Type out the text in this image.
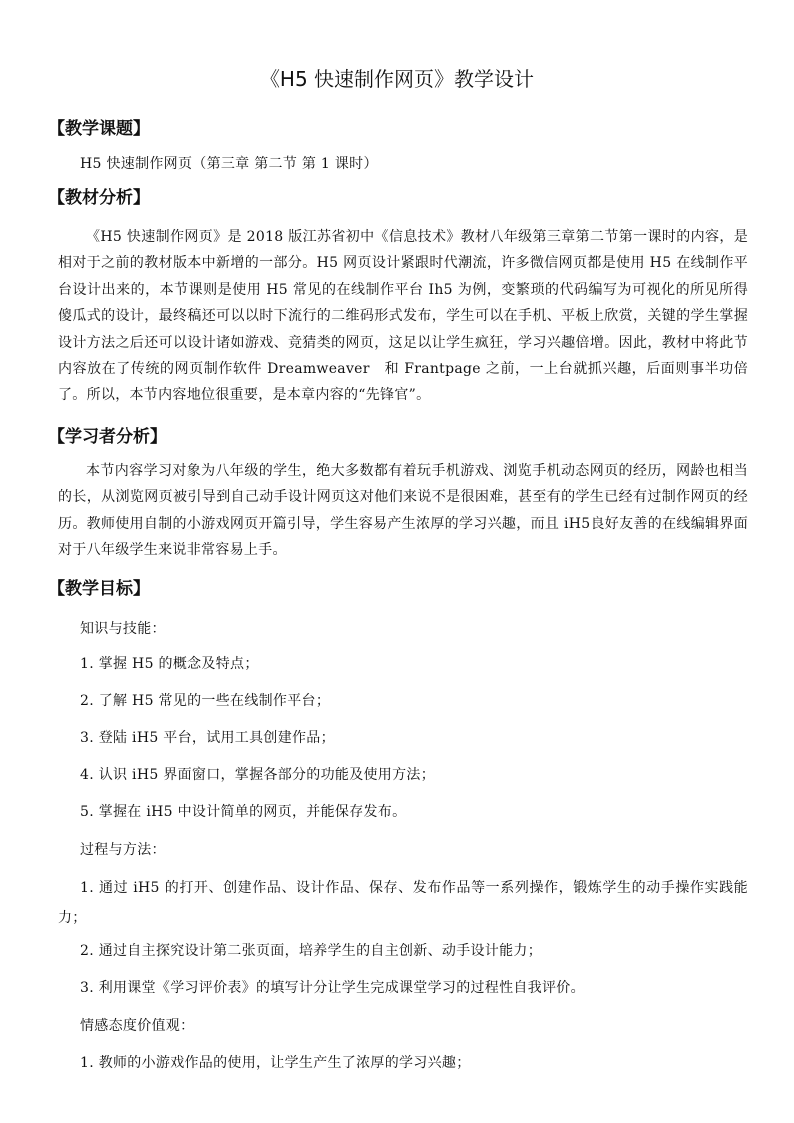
《H5 快速制作网页》教学设计
【教学课题】
H5 快速制作网页（第三章 第二节 第 1 课时）
【教材分析】
《H5 快速制作网页》是 2018 版江苏省初中《信息技术》教材八年级第三章第二节第一课时的内容，是相对于之前的教材版本中新增的一部分。H5 网页设计紧跟时代潮流，许多微信网页都是使用 H5 在线制作平台设计出来的，本节课则是使用 H5 常见的在线制作平台 Ih5 为例，变繁琐的代码编写为可视化的所见所得傻瓜式的设计，最终稿还可以以时下流行的二维码形式发布，学生可以在手机、平板上欣赏，关键的学生掌握设计方法之后还可以设计诸如游戏、竞猜类的网页，这足以让学生疯狂，学习兴趣倍增。因此，教材中将此节内容放在了传统的网页制作软件 Dreamweaver　和 Frantpage 之前，一上台就抓兴趣，后面则事半功倍了。所以，本节内容地位很重要，是本章内容的“先锋官”。
【学习者分析】
本节内容学习对象为八年级的学生，绝大多数都有着玩手机游戏、浏览手机动态网页的经历，网龄也相当的长，从浏览网页被引导到自己动手设计网页这对他们来说不是很困难，甚至有的学生已经有过制作网页的经历。教师使用自制的小游戏网页开篇引导，学生容易产生浓厚的学习兴趣，而且 iH5良好友善的在线编辑界面对于八年级学生来说非常容易上手。
【教学目标】
知识与技能：
1. 掌握 H5 的概念及特点；
2. 了解 H5 常见的一些在线制作平台；
3. 登陆 iH5 平台，试用工具创建作品；
4. 认识 iH5 界面窗口，掌握各部分的功能及使用方法；
5. 掌握在 iH5 中设计简单的网页，并能保存发布。
过程与方法：
1. 通过 iH5 的打开、创建作品、设计作品、保存、发布作品等一系列操作，锻炼学生的动手操作实践能力；
2. 通过自主探究设计第二张页面，培养学生的自主创新、动手设计能力；
3. 利用课堂《学习评价表》的填写计分让学生完成课堂学习的过程性自我评价。
情感态度价值观：
1. 教师的小游戏作品的使用，让学生产生了浓厚的学习兴趣；
